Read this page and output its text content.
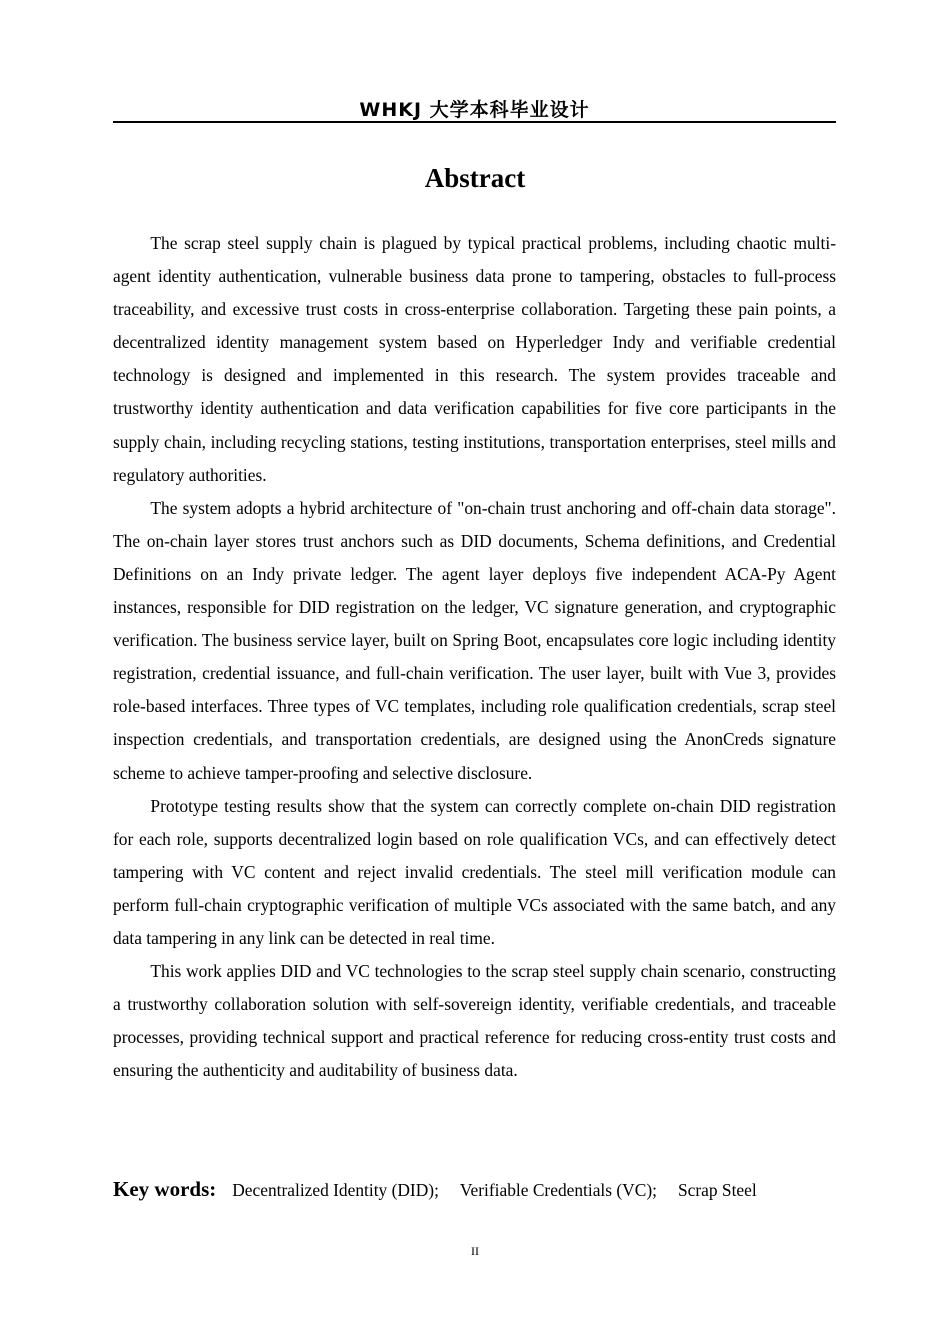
WHKJ 大学本科毕业设计
Abstract

The scrap steel supply chain is plagued by typical practical problems, including chaotic multi-agent identity authentication, vulnerable business data prone to tampering, obstacles to full-process traceability, and excessive trust costs in cross-enterprise collaboration. Targeting these pain points, a decentralized identity management system based on Hyperledger Indy and verifiable credential technology is designed and implemented in this research. The system provides traceable and trustworthy identity authentication and data verification capabilities for five core participants in the supply chain, including recycling stations, testing institutions, transportation enterprises, steel mills and regulatory authorities.

The system adopts a hybrid architecture of "on-chain trust anchoring and off-chain data storage". The on-chain layer stores trust anchors such as DID documents, Schema definitions, and Credential Definitions on an Indy private ledger. The agent layer deploys five independent ACA-Py Agent instances, responsible for DID registration on the ledger, VC signature generation, and cryptographic verification. The business service layer, built on Spring Boot, encapsulates core logic including identity registration, credential issuance, and full-chain verification. The user layer, built with Vue 3, provides role-based interfaces. Three types of VC templates, including role qualification credentials, scrap steel inspection credentials, and transportation credentials, are designed using the AnonCreds signature scheme to achieve tamper-proofing and selective disclosure.

Prototype testing results show that the system can correctly complete on-chain DID registration for each role, supports decentralized login based on role qualification VCs, and can effectively detect tampering with VC content and reject invalid credentials. The steel mill verification module can perform full-chain cryptographic verification of multiple VCs associated with the same batch, and any data tampering in any link can be detected in real time.

This work applies DID and VC technologies to the scrap steel supply chain scenario, constructing a trustworthy collaboration solution with self-sovereign identity, verifiable credentials, and traceable processes, providing technical support and practical reference for reducing cross-entity trust costs and ensuring the authenticity and auditability of business data.

Key words: Decentralized Identity (DID); Verifiable Credentials (VC); Scrap Steel
II
